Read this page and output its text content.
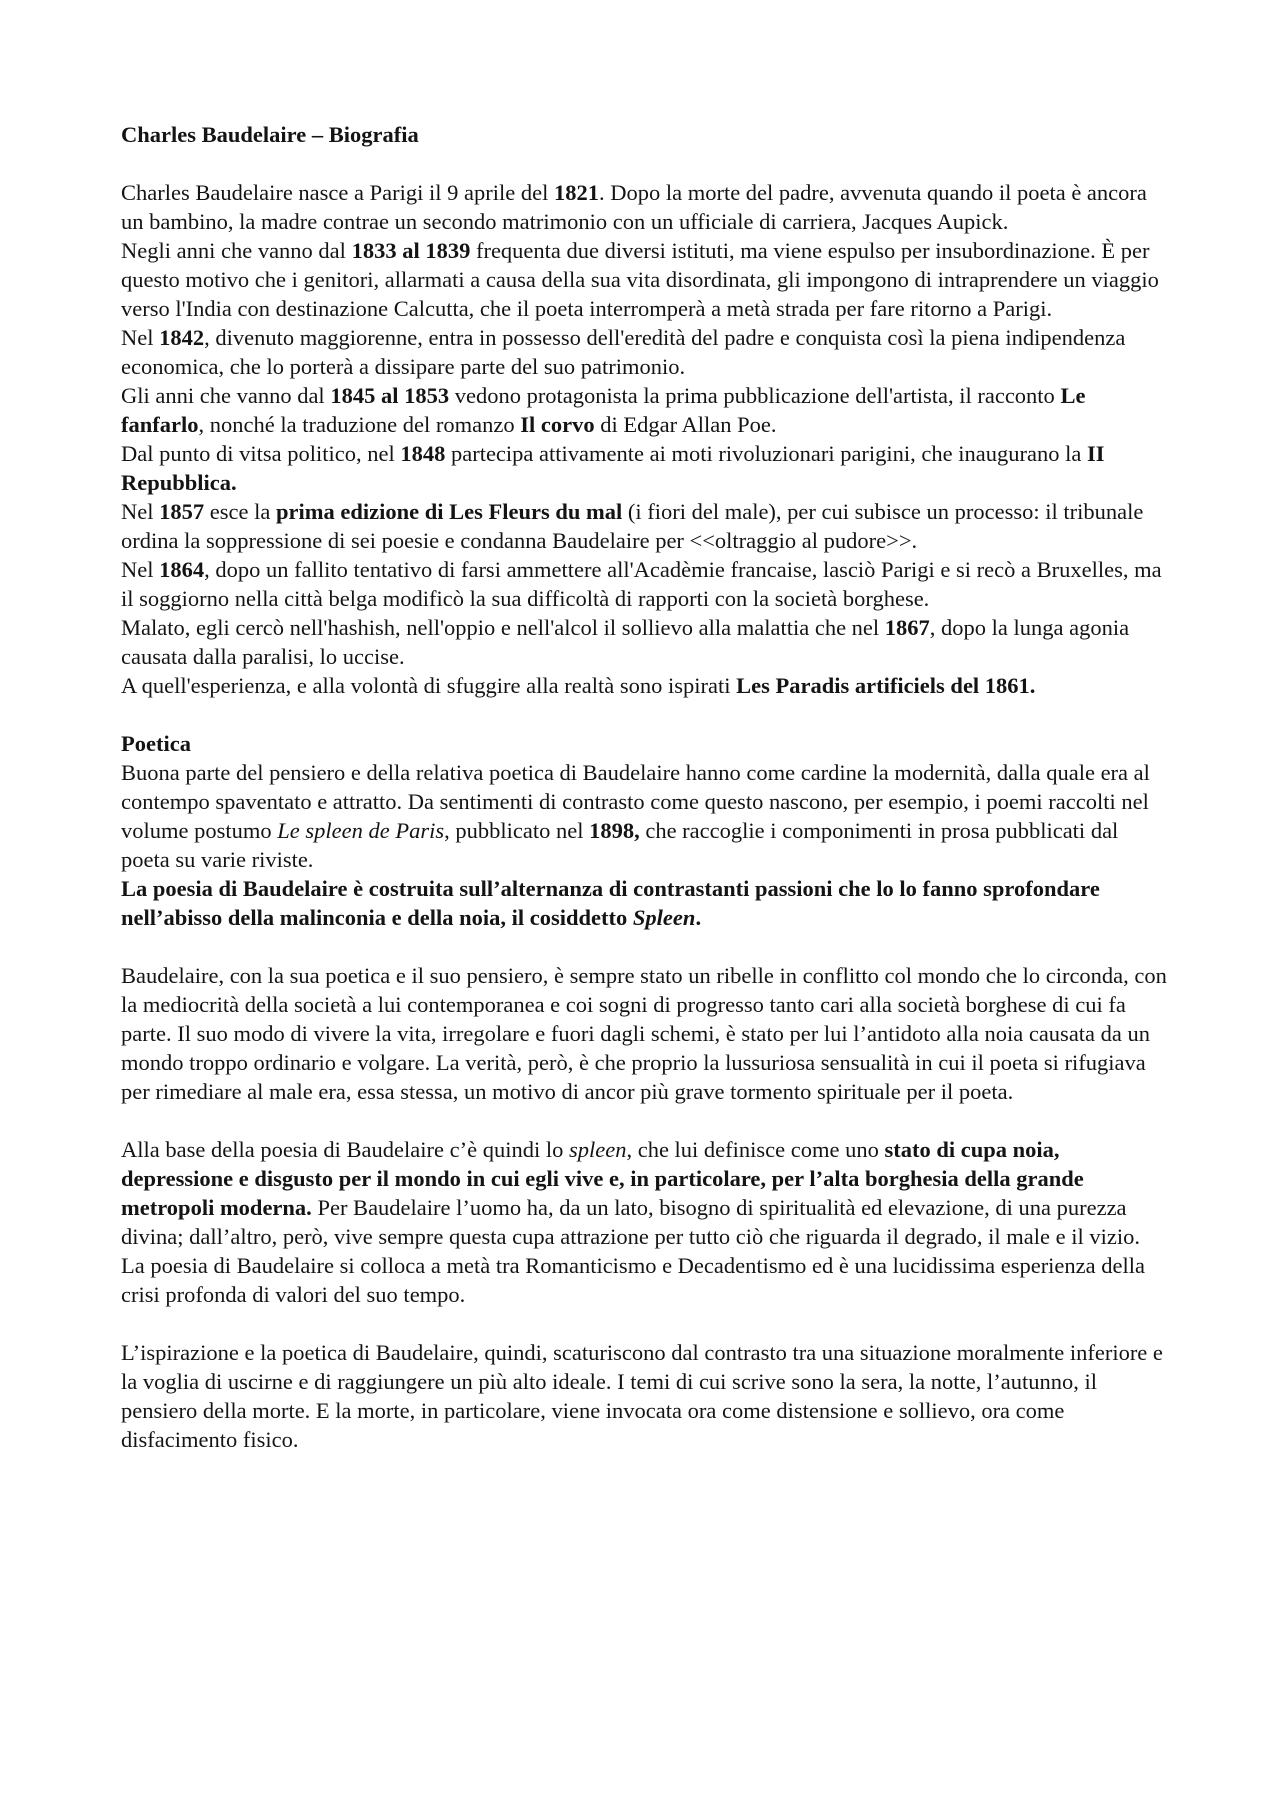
Charles Baudelaire – Biografia

Charles Baudelaire nasce a Parigi il 9 aprile del 1821. Dopo la morte del padre, avvenuta quando il poeta è ancora un bambino, la madre contrae un secondo matrimonio con un ufficiale di carriera, Jacques Aupick.

Negli anni che vanno dal 1833 al 1839 frequenta due diversi istituti, ma viene espulso per insubordinazione. È per questo motivo che i genitori, allarmati a causa della sua vita disordinata, gli impongono di intraprendere un viaggio verso l'India con destinazione Calcutta, che il poeta interromperà a metà strada per fare ritorno a Parigi.

Nel 1842, divenuto maggiorenne, entra in possesso dell'eredità del padre e conquista così la piena indipendenza economica, che lo porterà a dissipare parte del suo patrimonio.

Gli anni che vanno dal 1845 al 1853 vedono protagonista la prima pubblicazione dell'artista, il racconto Le fanfarlo, nonché la traduzione del romanzo Il corvo di Edgar Allan Poe.

Dal punto di vitsa politico, nel 1848 partecipa attivamente ai moti rivoluzionari parigini, che inaugurano la II Repubblica.

Nel 1857 esce la prima edizione di Les Fleurs du mal (i fiori del male), per cui subisce un processo: il tribunale ordina la soppressione di sei poesie e condanna Baudelaire per <<oltraggio al pudore>>.

Nel 1864, dopo un fallito tentativo di farsi ammettere all'Acadèmie francaise, lasciò Parigi e si recò a Bruxelles, ma il soggiorno nella città belga modificò la sua difficoltà di rapporti con la società borghese.

Malato, egli cercò nell'hashish, nell'oppio e nell'alcol il sollievo alla malattia che nel 1867, dopo la lunga agonia causata dalla paralisi, lo uccise.

A quell'esperienza, e alla volontà di sfuggire alla realtà sono ispirati Les Paradis artificiels del 1861.

Poetica

Buona parte del pensiero e della relativa poetica di Baudelaire hanno come cardine la modernità, dalla quale era al contempo spaventato e attratto. Da sentimenti di contrasto come questo nascono, per esempio, i poemi raccolti nel volume postumo Le spleen de Paris, pubblicato nel 1898, che raccoglie i componimenti in prosa pubblicati dal poeta su varie riviste.

La poesia di Baudelaire è costruita sull’alternanza di contrastanti passioni che lo lo fanno sprofondare nell’abisso della malinconia e della noia, il cosiddetto Spleen.

Baudelaire, con la sua poetica e il suo pensiero, è sempre stato un ribelle in conflitto col mondo che lo circonda, con la mediocrità della società a lui contemporanea e coi sogni di progresso tanto cari alla società borghese di cui fa parte. Il suo modo di vivere la vita, irregolare e fuori dagli schemi, è stato per lui l’antidoto alla noia causata da un mondo troppo ordinario e volgare. La verità, però, è che proprio la lussuriosa sensualità in cui il poeta si rifugiava per rimediare al male era, essa stessa, un motivo di ancor più grave tormento spirituale per il poeta.

Alla base della poesia di Baudelaire c’è quindi lo spleen, che lui definisce come uno stato di cupa noia, depressione e disgusto per il mondo in cui egli vive e, in particolare, per l’alta borghesia della grande metropoli moderna. Per Baudelaire l’uomo ha, da un lato, bisogno di spiritualità ed elevazione, di una purezza divina; dall’altro, però, vive sempre questa cupa attrazione per tutto ciò che riguarda il degrado, il male e il vizio.

La poesia di Baudelaire si colloca a metà tra Romanticismo e Decadentismo ed è una lucidissima esperienza della crisi profonda di valori del suo tempo.

L’ispirazione e la poetica di Baudelaire, quindi, scaturiscono dal contrasto tra una situazione moralmente inferiore e la voglia di uscirne e di raggiungere un più alto ideale. I temi di cui scrive sono la sera, la notte, l’autunno, il pensiero della morte. E la morte, in particolare, viene invocata ora come distensione e sollievo, ora come disfacimento fisico.
